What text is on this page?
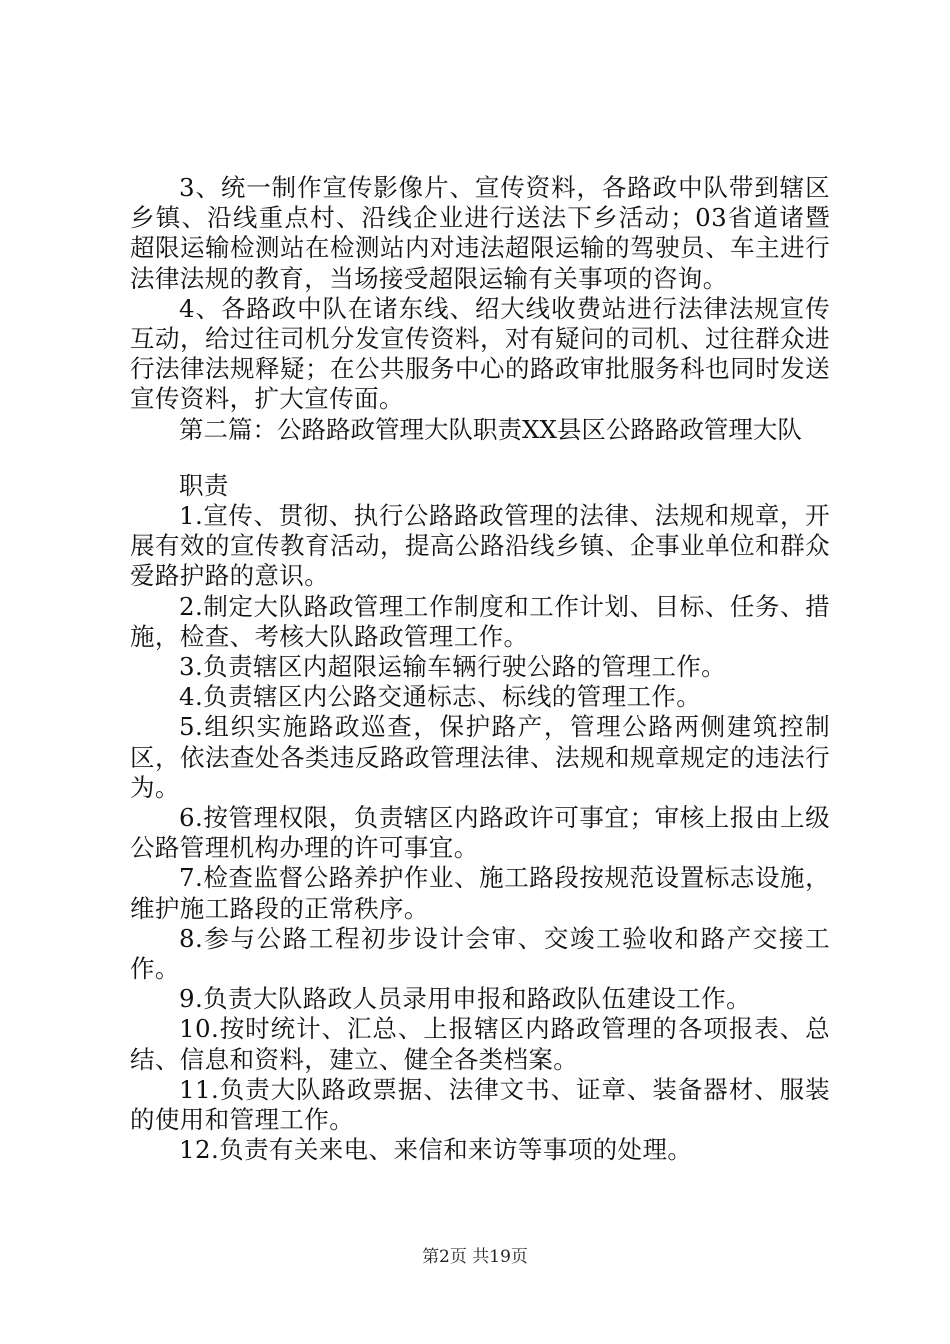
3、统一制作宣传影像片、宣传资料，各路政中队带到辖区乡镇、沿线重点村、沿线企业进行送法下乡活动；03省道诸暨超限运输检测站在检测站内对违法超限运输的驾驶员、车主进行法律法规的教育，当场接受超限运输有关事项的咨询。

4、各路政中队在诸东线、绍大线收费站进行法律法规宣传互动，给过往司机分发宣传资料，对有疑问的司机、过往群众进行法律法规释疑；在公共服务中心的路政审批服务科也同时发送宣传资料，扩大宣传面。

第二篇：公路路政管理大队职责XX县区公路路政管理大队

职责

1.宣传、贯彻、执行公路路政管理的法律、法规和规章，开展有效的宣传教育活动，提高公路沿线乡镇、企事业单位和群众爱路护路的意识。

2.制定大队路政管理工作制度和工作计划、目标、任务、措施，检查、考核大队路政管理工作。

3.负责辖区内超限运输车辆行驶公路的管理工作。

4.负责辖区内公路交通标志、标线的管理工作。

5.组织实施路政巡查，保护路产，管理公路两侧建筑控制区，依法查处各类违反路政管理法律、法规和规章规定的违法行为。

6.按管理权限，负责辖区内路政许可事宜；审核上报由上级公路管理机构办理的许可事宜。

7.检查监督公路养护作业、施工路段按规范设置标志设施，维护施工路段的正常秩序。

8.参与公路工程初步设计会审、交竣工验收和路产交接工作。

9.负责大队路政人员录用申报和路政队伍建设工作。

10.按时统计、汇总、上报辖区内路政管理的各项报表、总结、信息和资料，建立、健全各类档案。

11.负责大队路政票据、法律文书、证章、装备器材、服装的使用和管理工作。

12.负责有关来电、来信和来访等事项的处理。

第2页 共19页
